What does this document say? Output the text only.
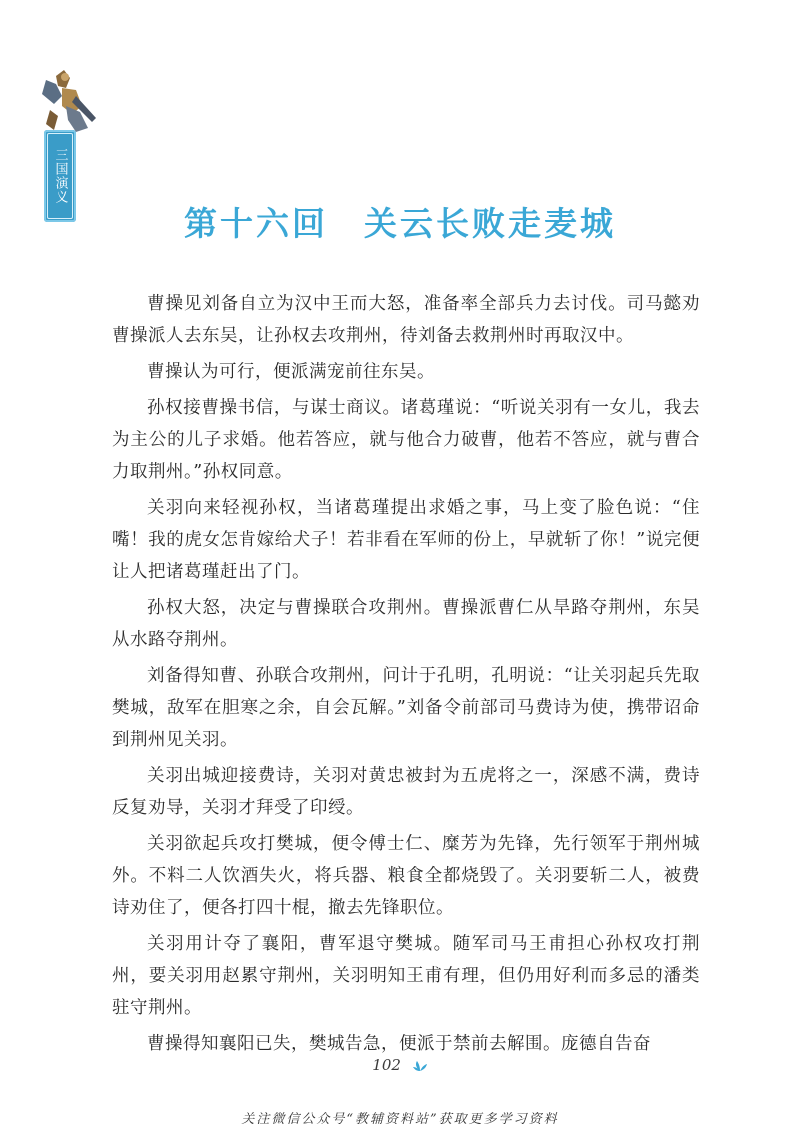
三国演义
第十六回 关云长败走麦城

曹操见刘备自立为汉中王而大怒，准备率全部兵力去讨伐。司马懿劝曹操派人去东吴，让孙权去攻荆州，待刘备去救荆州时再取汉中。

曹操认为可行，便派满宠前往东吴。

孙权接曹操书信，与谋士商议。诸葛瑾说：“听说关羽有一女儿，我去为主公的儿子求婚。他若答应，就与他合力破曹，他若不答应，就与曹合力取荆州。”孙权同意。

关羽向来轻视孙权，当诸葛瑾提出求婚之事，马上变了脸色说：“住嘴！我的虎女怎肯嫁给犬子！若非看在军师的份上，早就斩了你！”说完便让人把诸葛瑾赶出了门。

孙权大怒，决定与曹操联合攻荆州。曹操派曹仁从旱路夺荆州，东吴从水路夺荆州。

刘备得知曹、孙联合攻荆州，问计于孔明，孔明说：“让关羽起兵先取樊城，敌军在胆寒之余，自会瓦解。”刘备令前部司马费诗为使，携带诏命到荆州见关羽。

关羽出城迎接费诗，关羽对黄忠被封为五虎将之一，深感不满，费诗反复劝导，关羽才拜受了印绶。

关羽欲起兵攻打樊城，便令傅士仁、糜芳为先锋，先行领军于荆州城外。不料二人饮酒失火，将兵器、粮食全都烧毁了。关羽要斩二人，被费诗劝住了，便各打四十棍，撤去先锋职位。

关羽用计夺了襄阳，曹军退守樊城。随军司马王甫担心孙权攻打荆州，要关羽用赵累守荆州，关羽明知王甫有理，但仍用好利而多忌的潘类驻守荆州。

曹操得知襄阳已失，樊城告急，便派于禁前去解围。庞德自告奋

102
关注微信公众号“教辅资料站”获取更多学习资料
